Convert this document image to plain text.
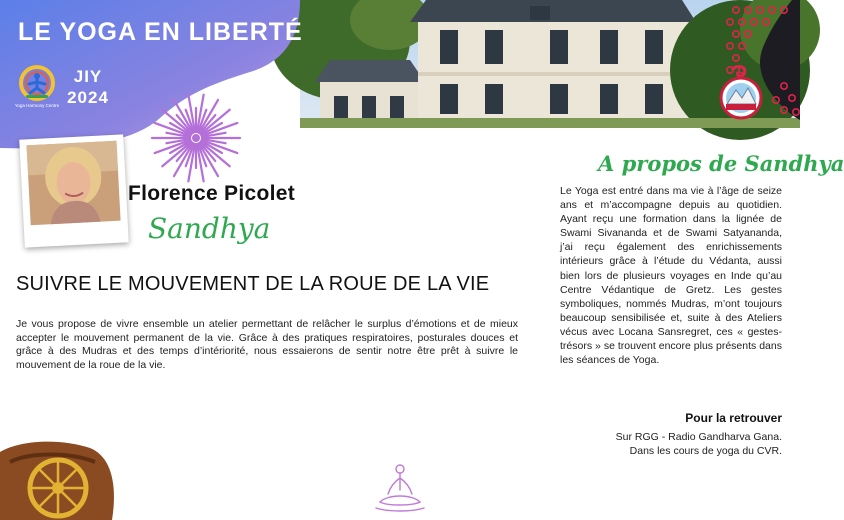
LE YOGA EN LIBERTÉ
Yoga Harmony Centre
JIY
2024
Florence Picolet
Sandhya
SUIVRE LE MOUVEMENT DE LA ROUE DE LA VIE

Je vous propose de vivre ensemble un atelier permettant de relâcher le surplus d’émotions et de mieux accepter le mouvement permanent de la vie. Grâce à des pratiques respiratoires, posturales douces et grâce à des Mudras et des temps d’intériorité, nous essaierons de sentir notre être prêt à suivre le mouvement de la roue de la vie.

A propos de Sandhya

Le Yoga est entré dans ma vie à l’âge de seize ans et m’accompagne depuis au quotidien. Ayant reçu une formation dans la lignée de Swami Sivananda et de Swami Satyananda, j’ai reçu également des enrichissements intérieurs grâce à l’étude du Védanta, aussi bien lors de plusieurs voyages en Inde qu’au Centre Védantique de Gretz. Les gestes symboliques, nommés Mudras, m’ont toujours beaucoup sensibilisée et, suite à des Ateliers vécus avec Locana Sansregret, ces « gestes-trésors » se trouvent encore plus présents dans les séances de Yoga.

Pour la retrouver
Sur RGG - Radio Gandharva Gana.
Dans les cours de yoga du CVR.
